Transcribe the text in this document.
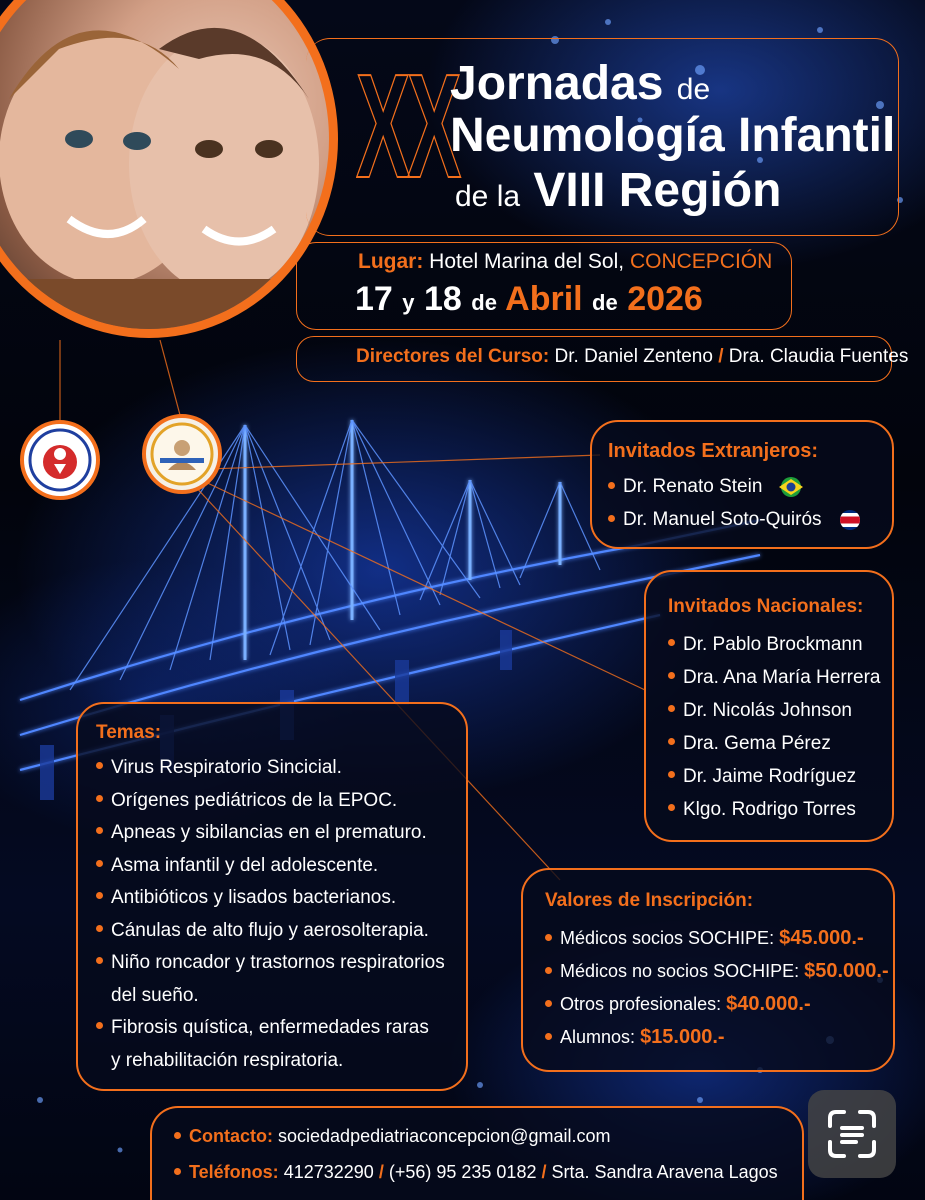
XX
Jornadas de
Neumología Infantil
de la VIII Región
Lugar: Hotel Marina del Sol, CONCEPCIÓN
17 y 18 de Abril de 2026
Directores del Curso: Dr. Daniel Zenteno / Dra. Claudia Fuentes
Invitados Extranjeros:
Dr. Renato Stein
Dr. Manuel Soto-Quirós
Invitados Nacionales:
Dr. Pablo Brockmann
Dra. Ana María Herrera
Dr. Nicolás Johnson
Dra. Gema Pérez
Dr. Jaime Rodríguez
Klgo. Rodrigo Torres
Temas:
Virus Respiratorio Sincicial.
Orígenes pediátricos de la EPOC.
Apneas y sibilancias en el prematuro.
Asma infantil y del adolescente.
Antibióticos y lisados bacterianos.
Cánulas de alto flujo y aerosolterapia.
Niño roncador y trastornos respiratorios
del sueño.
Fibrosis quística, enfermedades raras
y rehabilitación respiratoria.
Valores de Inscripción:
Médicos socios SOCHIPE: $45.000.-
Médicos no socios SOCHIPE: $50.000.-
Otros profesionales: $40.000.-
Alumnos: $15.000.-
Contacto: sociedadpediatriaconcepcion@gmail.com
Teléfonos: 412732290 / (+56) 95 235 0182 / Srta. Sandra Aravena Lagos
